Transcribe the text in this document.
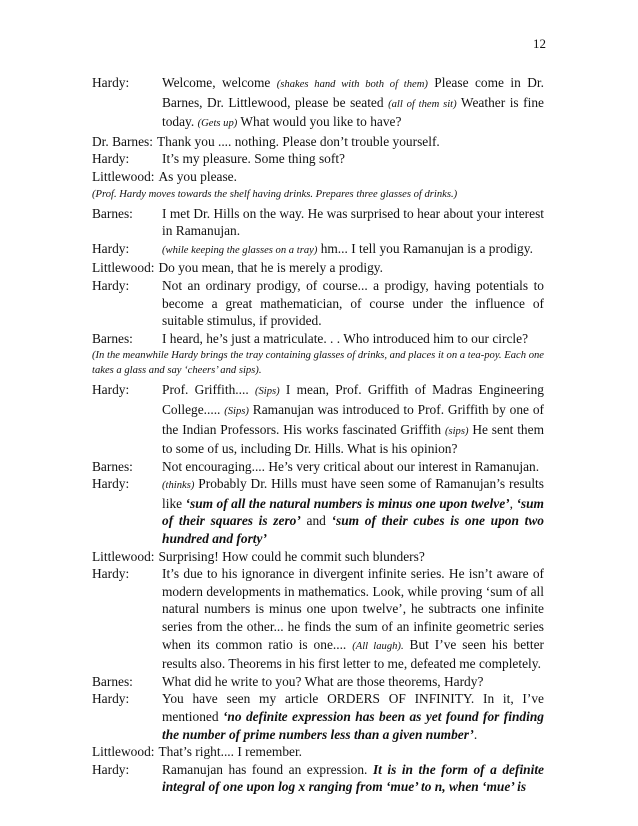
12
Hardy:	Welcome, welcome (shakes hand with both of them) Please come in Dr. Barnes, Dr. Littlewood, please be seated (all of them sit) Weather is fine today. (Gets up) What would you like to have?
Dr. Barnes: Thank you .... nothing. Please don’t trouble yourself.
Hardy:	It’s my pleasure. Some thing soft?
Littlewood: As you please.
(Prof. Hardy moves towards the shelf having drinks. Prepares three glasses of drinks.)
Barnes:	I met Dr. Hills on the way. He was surprised to hear about your interest in Ramanujan.
Hardy:	(while keeping the glasses on a tray) hm... I tell you Ramanujan is a prodigy.
Littlewood: Do you mean, that he is merely a prodigy.
Hardy:	Not an ordinary prodigy, of course... a prodigy, having potentials to become a great mathematician, of course under the influence of suitable stimulus, if provided.
Barnes:	I heard, he’s just a matriculate. . . Who introduced him to our circle?
(In the meanwhile Hardy brings the tray containing glasses of drinks, and places it on a tea-poy. Each one takes a glass and say ‘cheers’ and sips).
Hardy:	Prof. Griffith.... (Sips) I mean, Prof. Griffith of Madras Engineering College..... (Sips) Ramanujan was introduced to Prof. Griffith by one of the Indian Professors. His works fascinated Griffith (sips) He sent them to some of us, including Dr. Hills. What is his opinion?
Barnes:	Not encouraging.... He’s very critical about our interest in Ramanujan.
Hardy:	(thinks) Probably Dr. Hills must have seen some of Ramanujan’s results like ‘sum of all the natural numbers is minus one upon twelve’, ‘sum of their squares is zero’ and ‘sum of their cubes is one upon two hundred and forty’
Littlewood: Surprising! How could he commit such blunders?
Hardy:	It’s due to his ignorance in divergent infinite series. He isn’t aware of modern developments in mathematics. Look, while proving ‘sum of all natural numbers is minus one upon twelve’, he subtracts one infinite series from the other... he finds the sum of an infinite geometric series when its common ratio is one.... (All laugh). But I’ve seen his better results also. Theorems in his first letter to me, defeated me completely.
Barnes:	What did he write to you? What are those theorems, Hardy?
Hardy:	You have seen my article ORDERS OF INFINITY. In it, I’ve mentioned ‘no definite expression has been as yet found for finding the number of prime numbers less than a given number’.
Littlewood: That’s right.... I remember.
Hardy:	Ramanujan has found an expression. It is in the form of a definite integral of one upon log x ranging from ‘mue’ to n, when ‘mue’ is
